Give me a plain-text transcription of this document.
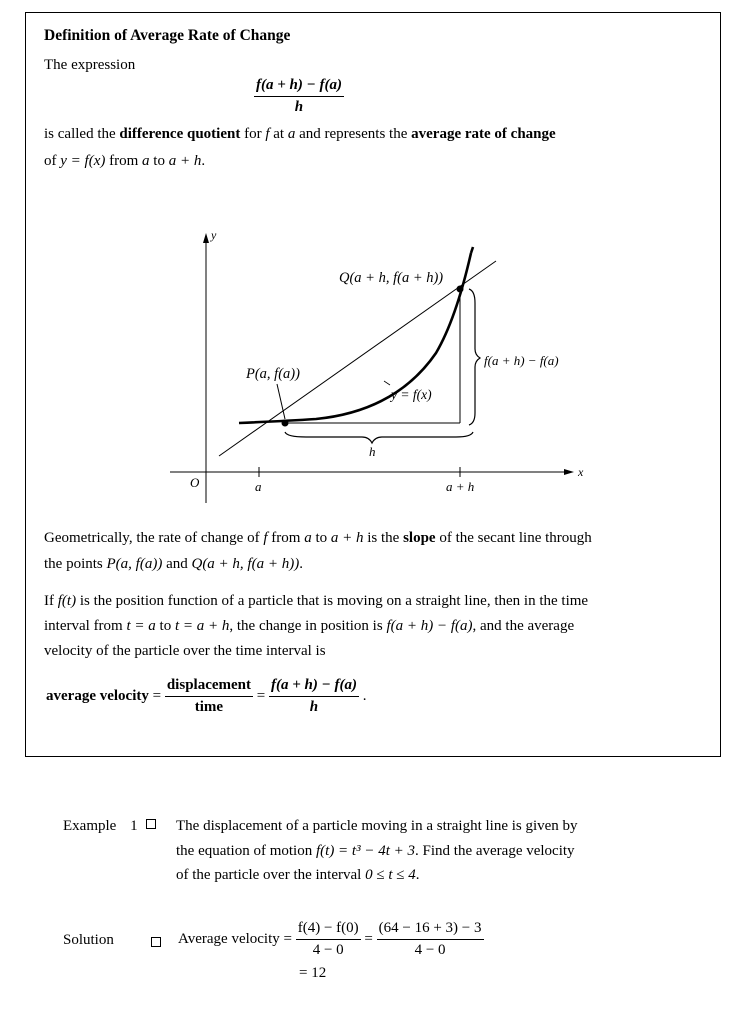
Definition of Average Rate of Change
The expression
$\frac{f(a + h) - f(a)}{h}$
is called the difference quotient for f at a and represents the average rate of change
of y = f(x) from a to a + h.
y
x
O	a	a + h
h
f(a + h) − f(a)
Q(a + h, f(a + h))
P(a, f(a))
y = f(x)
Geometrically, the rate of change of f from a to a + h is the slope of the secant line through
the points P(a, f(a)) and Q(a + h, f(a + h)).
If f(t) is the position function of a particle that is moving on a straight line, then in the time
interval from t = a to t = a + h, the change in position is f(a + h) − f(a), and the average
velocity of the particle over the time interval is
average velocity = $\frac{\text{displacement}}{\text{time}} = \frac{f(a + h) - f(a)}{h}$ .
Example 1	The displacement of a particle moving in a straight line is given by
the equation of motion f(t) = t³ − 4t + 3. Find the average velocity
of the particle over the interval 0 ≤ t ≤ 4.
Solution	Average velocity = $\frac{f(4) - f(0)}{4 - 0} = \frac{(64 - 16 + 3) - 3}{4 - 0}$
= 12
